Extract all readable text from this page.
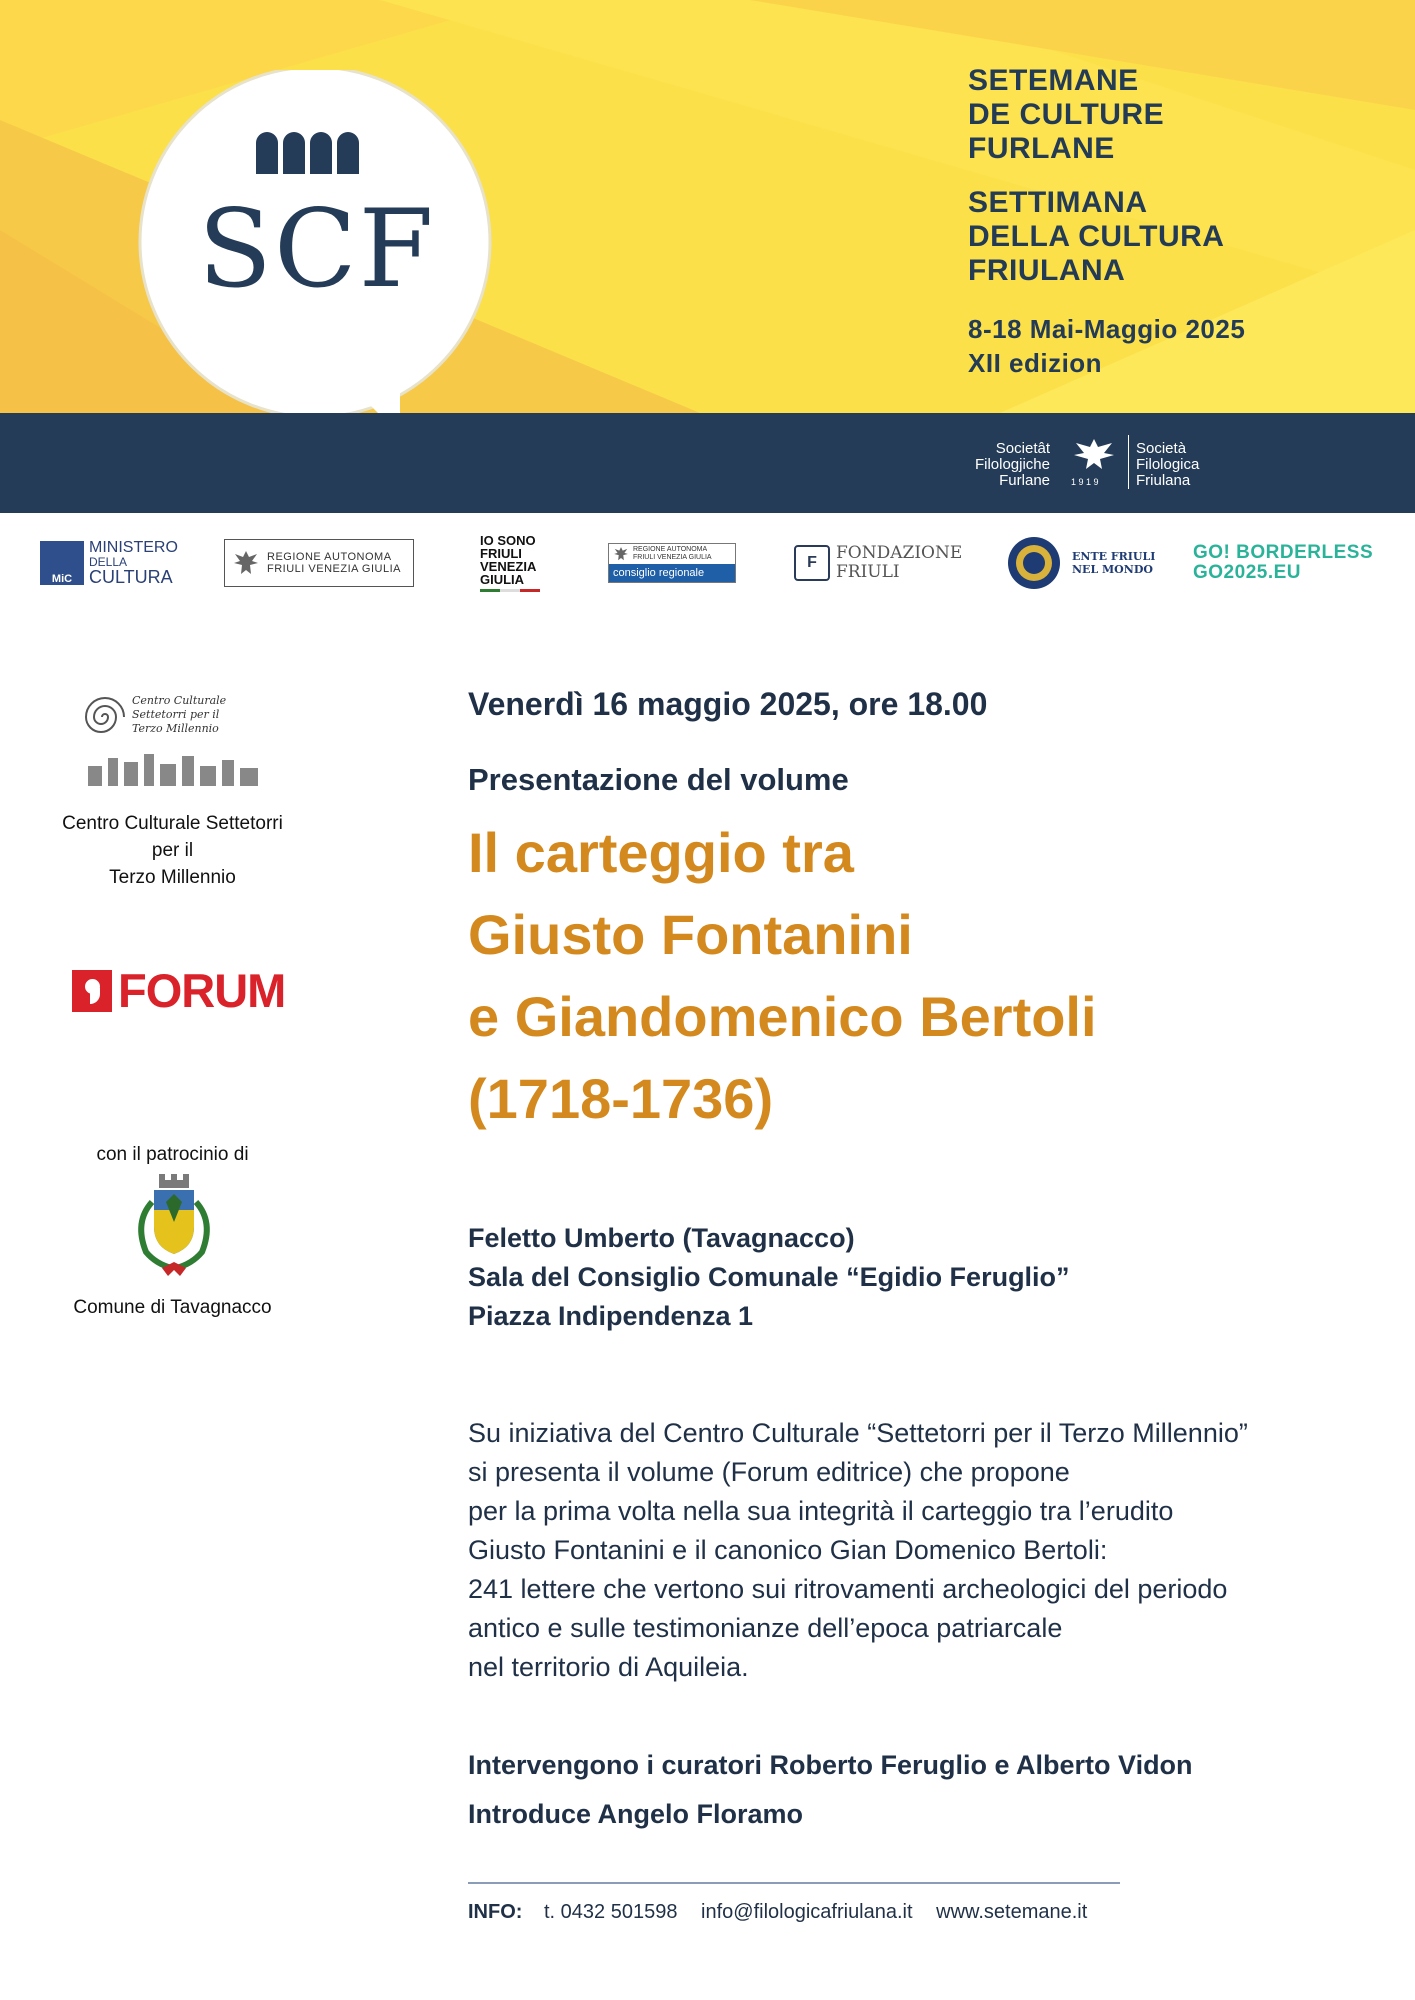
SCF
SETEMANE
DE CULTURE
FURLANE
SETTIMANA
DELLA CULTURA
FRIULANA
8-18 Mai-Maggio 2025
XII edizion
Societât
Filologjiche
Furlane 1 9 1 9
Società
Filologica
Friulana
MiC
MINISTERO
DELLA
CULTURA
REGIONE AUTONOMA
FRIULI VENEZIA GIULIA
IO SONO
FRIULI
VENEZIA
GIULIA
REGIONE AUTONOMA
FRIULI VENEZIA GIULIA
consiglio regionale
F	FONDAZIONE
FRIULI
ENTE FRIULI
NEL MONDO
GO! BORDERLESS
GO2025.EU
Centro Culturale
Settetorri per il
Terzo Millennio
Centro Culturale Settetorri
per il
Terzo Millennio
FORUM
con il patrocinio di
Comune di Tavagnacco
Venerdì 16 maggio 2025, ore 18.00
Presentazione del volume
Il carteggio tra
Giusto Fontanini
e Giandomenico Bertoli
(1718-1736)
Feletto Umberto (Tavagnacco)
Sala del Consiglio Comunale “Egidio Feruglio”
Piazza Indipendenza 1
Su iniziativa del Centro Culturale “Settetorri per il Terzo Millennio”
si presenta il volume (Forum editrice) che propone
per la prima volta nella sua integrità il carteggio tra l’erudito
Giusto Fontanini e il canonico Gian Domenico Bertoli:
241 lettere che vertono sui ritrovamenti archeologici del periodo
antico e sulle testimonianze dell’epoca patriarcale
nel territorio di Aquileia.
Intervengono i curatori Roberto Feruglio e Alberto Vidon
Introduce Angelo Floramo
INFO: t. 0432 501598 info@filologicafriulana.it www.setemane.it
